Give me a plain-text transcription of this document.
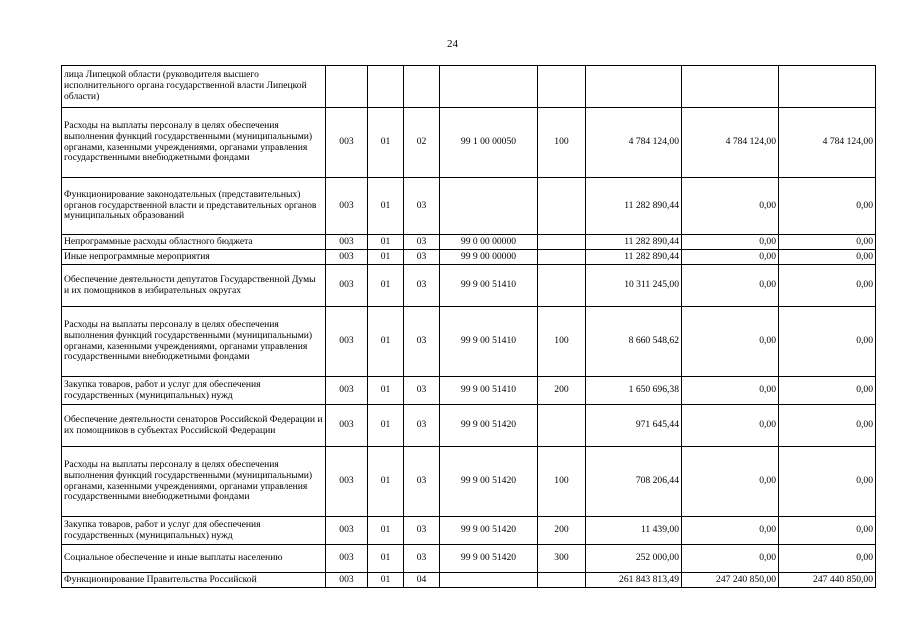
24
лица Липецкой области (руководителя высшего исполнительного органа государственной власти Липецкой области)								
Расходы на выплаты персоналу в целях обеспечения выполнения функций государственными (муниципальными) органами, казенными учреждениями, органами управления государственными внебюджетными фондами	003	01	02	99 1 00 00050	100	4 784 124,00	4 784 124,00	4 784 124,00
Функционирование законодательных (представительных) органов государственной власти и представительных органов муниципальных образований	003	01	03			11 282 890,44	0,00	0,00
Непрограммные расходы областного бюджета	003	01	03	99 0 00 00000		11 282 890,44	0,00	0,00
Иные непрограммные мероприятия	003	01	03	99 9 00 00000		11 282 890,44	0,00	0,00
Обеспечение деятельности депутатов Государственной Думы и их помощников в избирательных округах	003	01	03	99 9 00 51410		10 311 245,00	0,00	0,00
Расходы на выплаты персоналу в целях обеспечения выполнения функций государственными (муниципальными) органами, казенными учреждениями, органами управления государственными внебюджетными фондами	003	01	03	99 9 00 51410	100	8 660 548,62	0,00	0,00
Закупка товаров, работ и услуг для обеспечения государственных (муниципальных) нужд	003	01	03	99 9 00 51410	200	1 650 696,38	0,00	0,00
Обеспечение деятельности сенаторов Российской Федерации и их помощников в субъектах Российской Федерации	003	01	03	99 9 00 51420		971 645,44	0,00	0,00
Расходы на выплаты персоналу в целях обеспечения выполнения функций государственными (муниципальными) органами, казенными учреждениями, органами управления государственными внебюджетными фондами	003	01	03	99 9 00 51420	100	708 206,44	0,00	0,00
Закупка товаров, работ и услуг для обеспечения государственных (муниципальных) нужд	003	01	03	99 9 00 51420	200	11 439,00	0,00	0,00
Социальное обеспечение и иные выплаты населению	003	01	03	99 9 00 51420	300	252 000,00	0,00	0,00
Функционирование Правительства Российской	003	01	04			261 843 813,49	247 240 850,00	247 440 850,00
